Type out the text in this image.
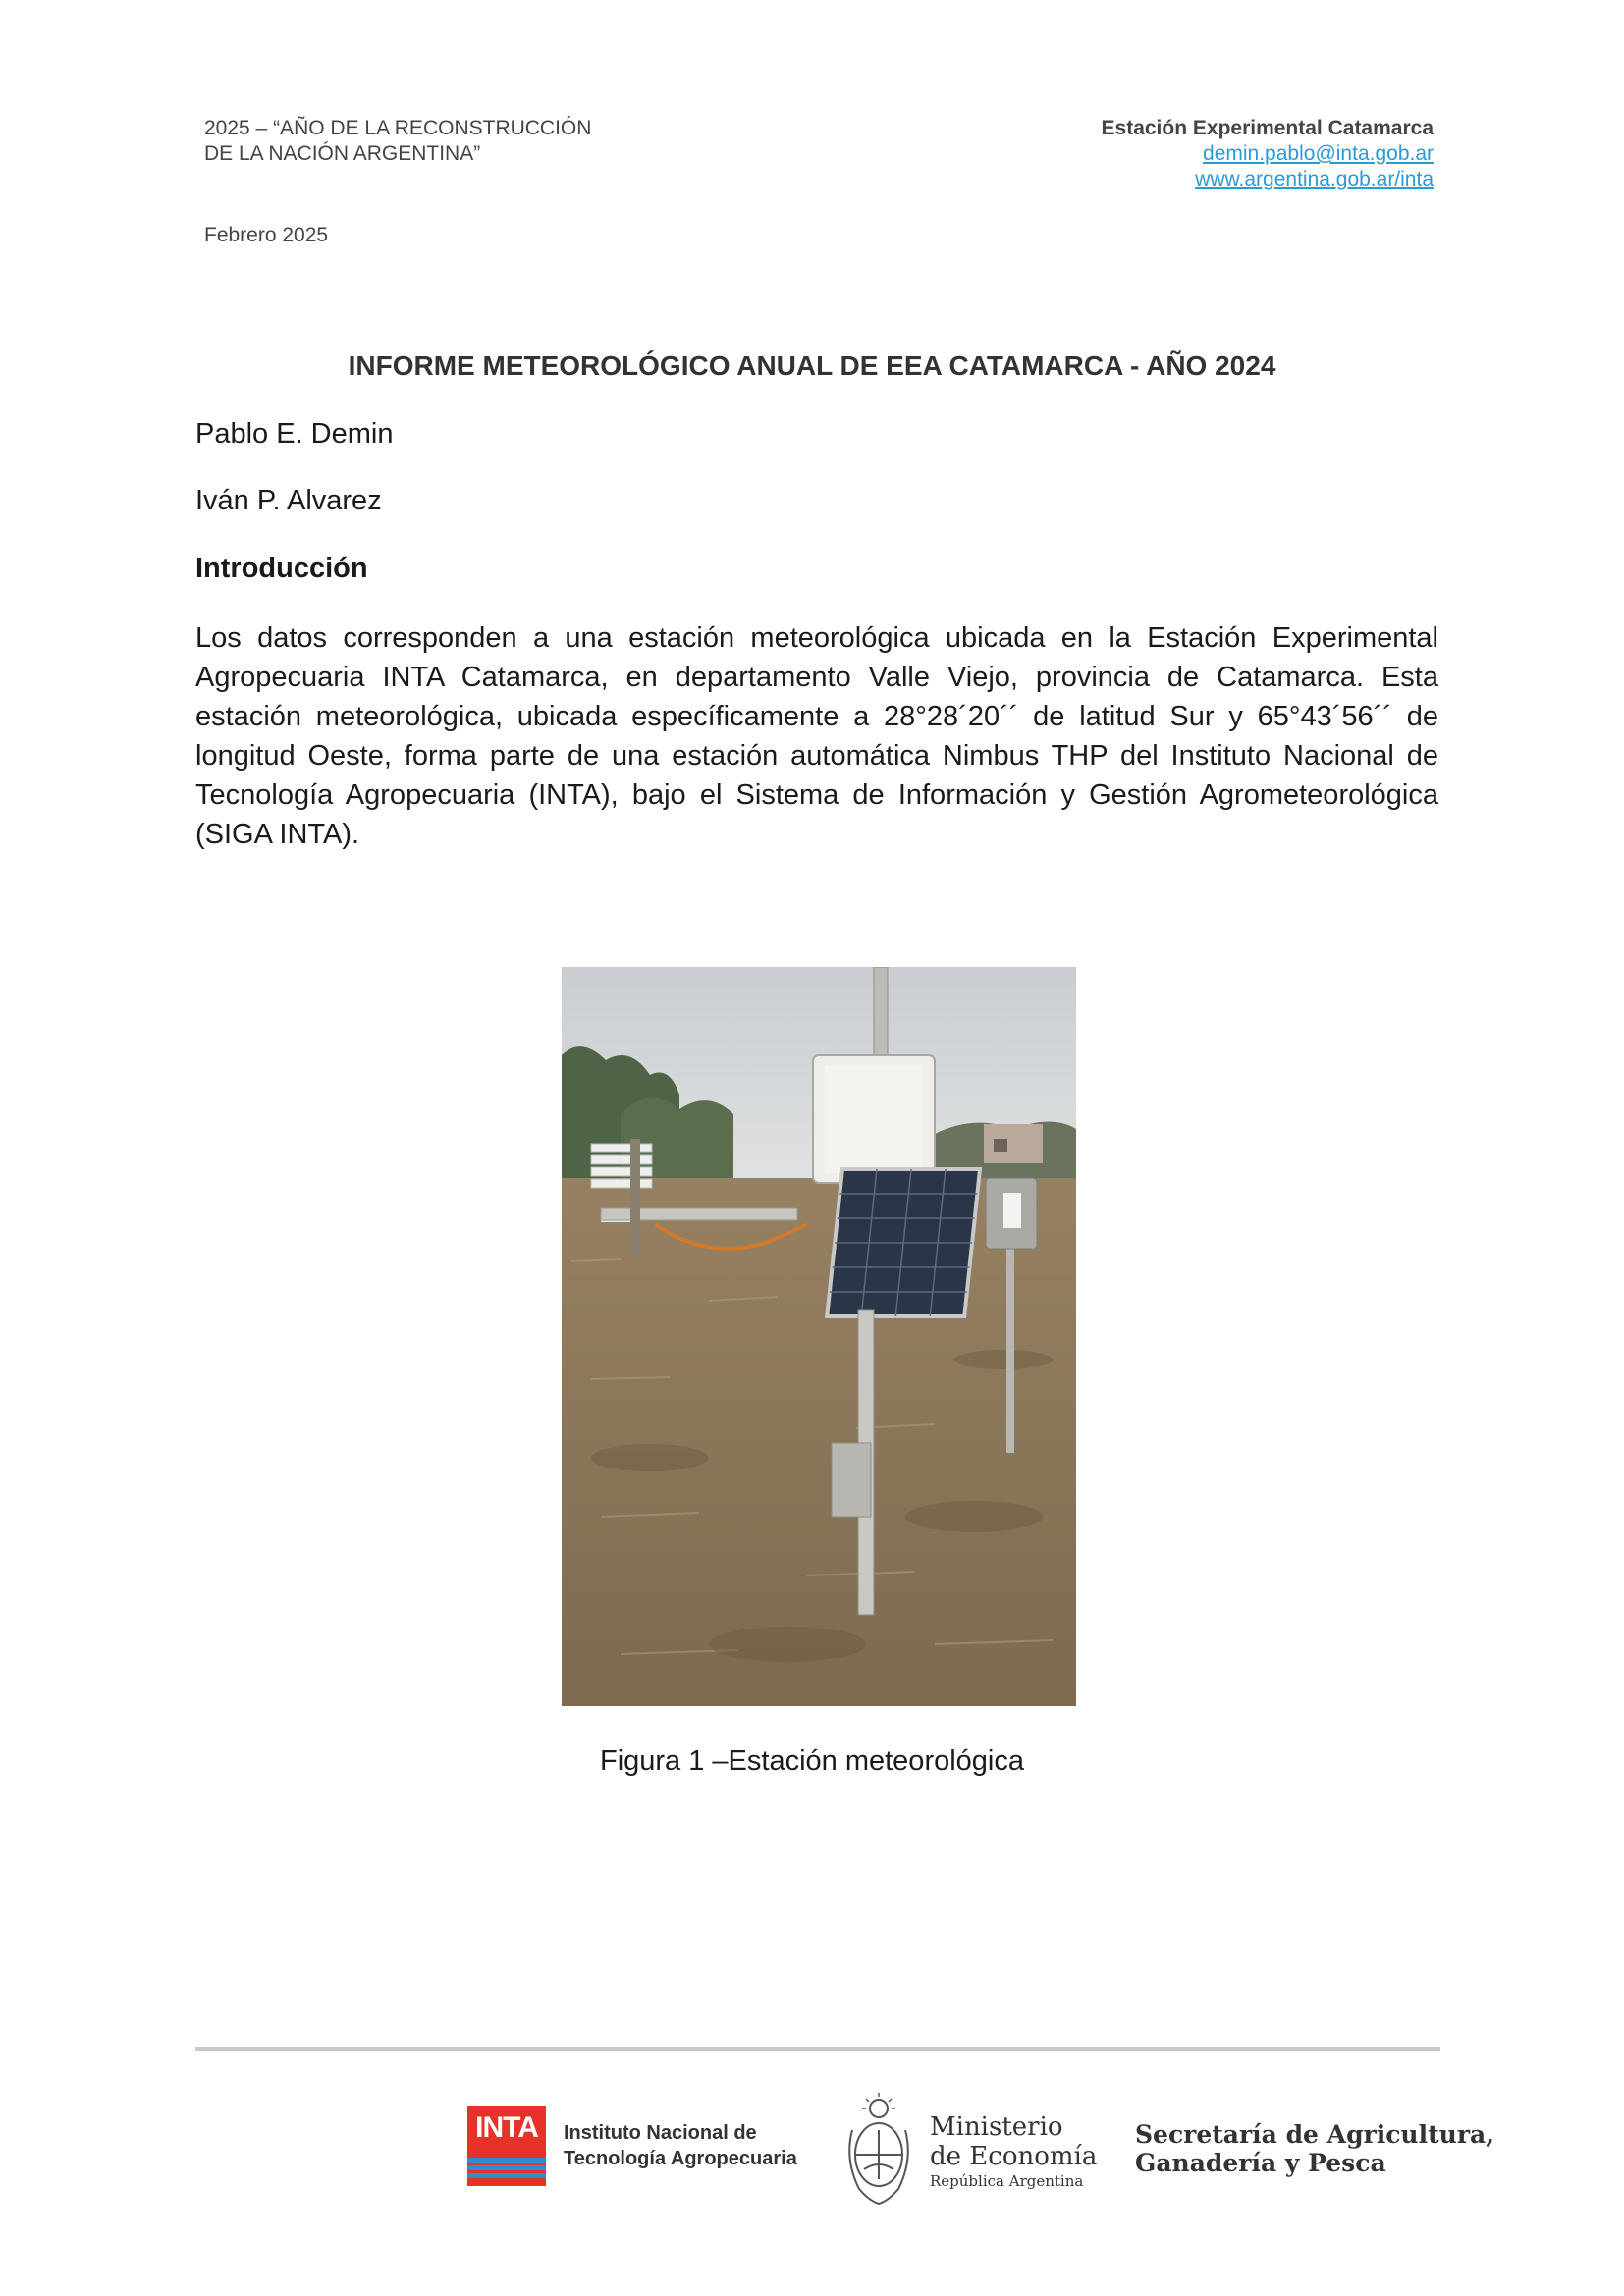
2025 – “AÑO DE LA RECONSTRUCCIÓN
DE LA NACIÓN ARGENTINA”
Febrero 2025
Estación Experimental Catamarca
demin.pablo@inta.gob.ar
www.argentina.gob.ar/inta
INFORME METEOROLÓGICO ANUAL DE EEA CATAMARCA - AÑO 2024
Pablo E. Demin
Iván P. Alvarez
Introducción
Los datos corresponden a una estación meteorológica ubicada en la Estación Experimental Agropecuaria INTA Catamarca, en departamento Valle Viejo, provincia de Catamarca. Esta estación meteorológica, ubicada específicamente a 28°28´20´´ de latitud Sur y 65°43´56´´ de longitud Oeste, forma parte de una estación automática Nimbus THP del Instituto Nacional de Tecnología Agropecuaria (INTA), bajo el Sistema de Información y Gestión Agrometeorológica (SIGA INTA).
Figura 1 –Estación meteorológica
INTA	Instituto Nacional de
Tecnología Agropecuaria
Ministerio
de Economía
República Argentina
Secretaría de Agricultura,
Ganadería y Pesca
